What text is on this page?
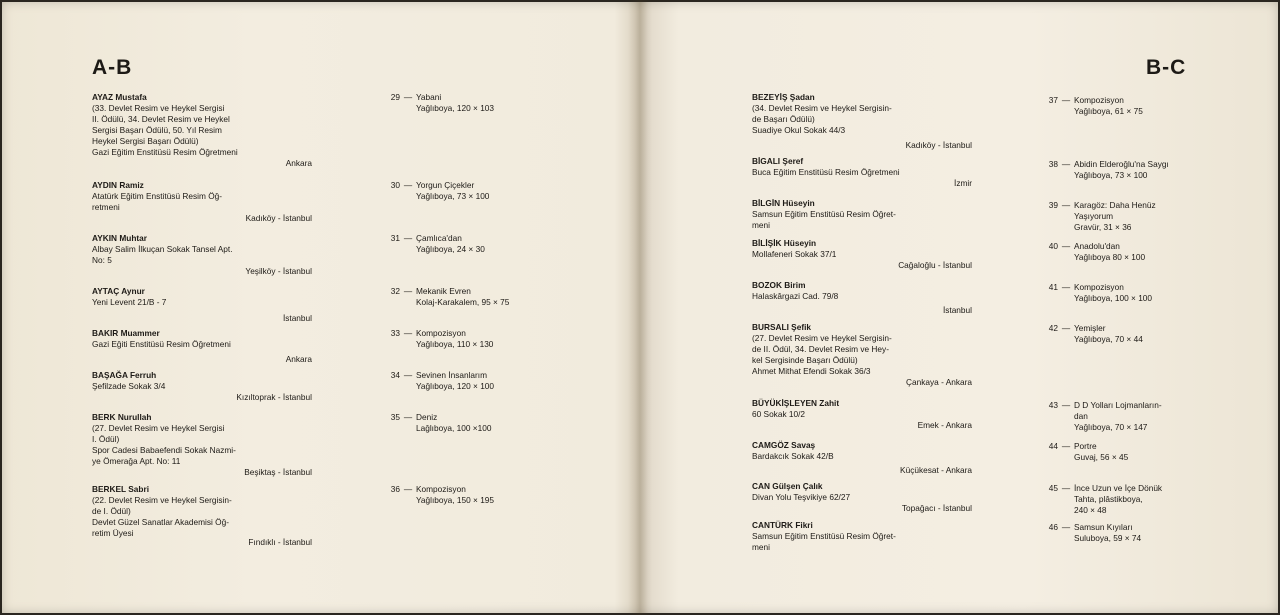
A-B
AYAZ Mustafa
(33. Devlet Resim ve Heykel Sergisi
II. Ödülü, 34. Devlet Resim ve Heykel
Sergisi Başarı Ödülü, 50. Yıl Resim
Heykel Sergisi Başarı Ödülü)
Gazi Eğitim Enstitüsü Resim Öğretmeni
Ankara
AYDIN Ramiz
Atatürk Eğitim Enstitüsü Resim Öğ-
retmeni
Kadıköy - İstanbul
AYKIN Muhtar
Albay Salim İlkuçan Sokak Tansel Apt.
No: 5
Yeşilköy - İstanbul
AYTAÇ Aynur
Yeni Levent 21/B - 7
İstanbul
BAKIR Muammer
Gazi Eğiti Enstitüsü Resim Öğretmeni
Ankara
BAŞAĞA Ferruh
Şefilzade Sokak 3/4
Kızıltoprak - İstanbul
BERK Nurullah
(27. Devlet Resim ve Heykel Sergisi
I. Ödül)
Spor Cadesi Babaefendi Sokak Nazmi-
ye Ömerağa Apt. No: 11
Beşiktaş - İstanbul
BERKEL Sabri
(22. Devlet Resim ve Heykel Sergisin-
de I. Ödül)
Devlet Güzel Sanatlar Akademisi Öğ-
retim Üyesi
Fındıklı - İstanbul
29 — Yabani
Yağlıboya, 120 × 103
30 — Yorgun Çiçekler
Yağlıboya, 73 × 100
31 — Çamlıca'dan
Yağlıboya, 24 × 30
32 — Mekanik Evren
Kolaj-Karakalem, 95 × 75
33 — Kompozisyon
Yağlıboya, 110 × 130
34 — Sevinen İnsanlarım
Yağlıboya, 120 × 100
35 — Deniz
Lağlıboya, 100 ×100
36 — Kompozisyon
Yağlıboya, 150 × 195
B-C
BEZEYİŞ Şadan
(34. Devlet Resim ve Heykel Sergisin-
de Başarı Ödülü)
Suadiye Okul Sokak 44/3
Kadıköy - İstanbul
BİGALI Şeref
Buca Eğitim Enstitüsü Resim Öğretmeni
İzmir
BİLGİN Hüseyin
Samsun Eğitim Enstitüsü Resim Öğret-
meni
BİLİŞİK Hüseyin
Mollafeneri Sokak 37/1
Cağaloğlu - İstanbul
BOZOK Birim
Halaskârgazi Cad. 79/8
İstanbul
BURSALI Şefik
(27. Devlet Resim ve Heykel Sergisin-
de II. Ödül, 34. Devlet Resim ve Hey-
kel Sergisinde Başarı Ödülü)
Ahmet Mithat Efendi Sokak 36/3
Çankaya - Ankara
BÜYÜKİŞLEYEN Zahit
60 Sokak 10/2
Emek - Ankara
CAMGÖZ Savaş
Bardakcık Sokak 42/B
Küçükesat - Ankara
CAN Gülşen Çalık
Divan Yolu Teşvikiye 62/27
Topağacı - İstanbul
CANTÜRK Fikri
Samsun Eğitim Enstitüsü Resim Öğret-
meni
37 — Kompozisyon
Yağlıboya, 61 × 75
38 — Abidin Elderoğlu'na Saygı
Yağlıboya, 73 × 100
39 — Karagöz: Daha Henüz
Yaşıyorum
Gravür, 31 × 36
40 — Anadolu'dan
Yağlıboya 80 × 100
41 — Kompozisyon
Yağlıboya, 100 × 100
42 — Yemişler
Yağlıboya, 70 × 44
43 — D D Yolları Lojmanların-
dan
Yağlıboya, 70 × 147
44 — Portre
Guvaj, 56 × 45
45 — İnce Uzun ve İçe Dönük
Tahta, plâstikboya,
240 × 48
46 — Samsun Kıyıları
Suluboya, 59 × 74
